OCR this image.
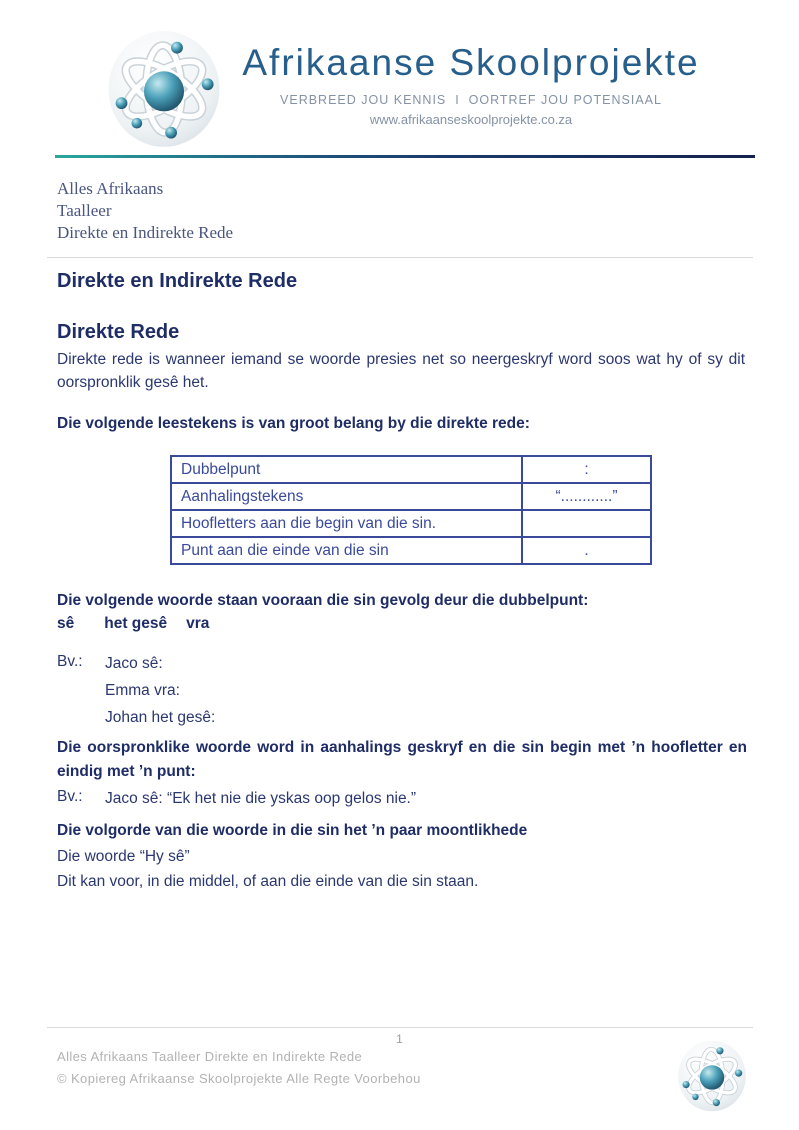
Afrikaanse Skoolprojekte
VERBREED JOU KENNIS  I  OORTREF JOU POTENSIAAL
www.afrikaanseskoolprojekte.co.za
Alles Afrikaans
Taalleer
Direkte en Indirekte Rede
Direkte en Indirekte Rede
Direkte Rede
Direkte rede is wanneer iemand se woorde presies net so neergeskryf word soos wat hy of sy dit oorspronklik gesê het.
Die volgende leestekens is van groot belang by die direkte rede:
Dubbelpunt	:
Aanhalingstekens	“............”
Hoofletters aan die begin van die sin.	
Punt aan die einde van die sin	.
Die volgende woorde staan vooraan die sin gevolg deur die dubbelpunt:
sê het gesê vra
Bv.:	Jaco sê:
Emma vra:
Johan het gesê:
Die oorspronklike woorde word in aanhalings geskryf en die sin begin met ’n hoofletter en eindig met ’n punt:
Bv.:	Jaco sê: “Ek het nie die yskas oop gelos nie.”
Die volgorde van die woorde in die sin het ’n paar moontlikhede
Die woorde “Hy sê”
Dit kan voor, in die middel, of aan die einde van die sin staan.
1
Alles Afrikaans Taalleer Direkte en Indirekte Rede
© Kopiereg Afrikaanse Skoolprojekte Alle Regte Voorbehou
